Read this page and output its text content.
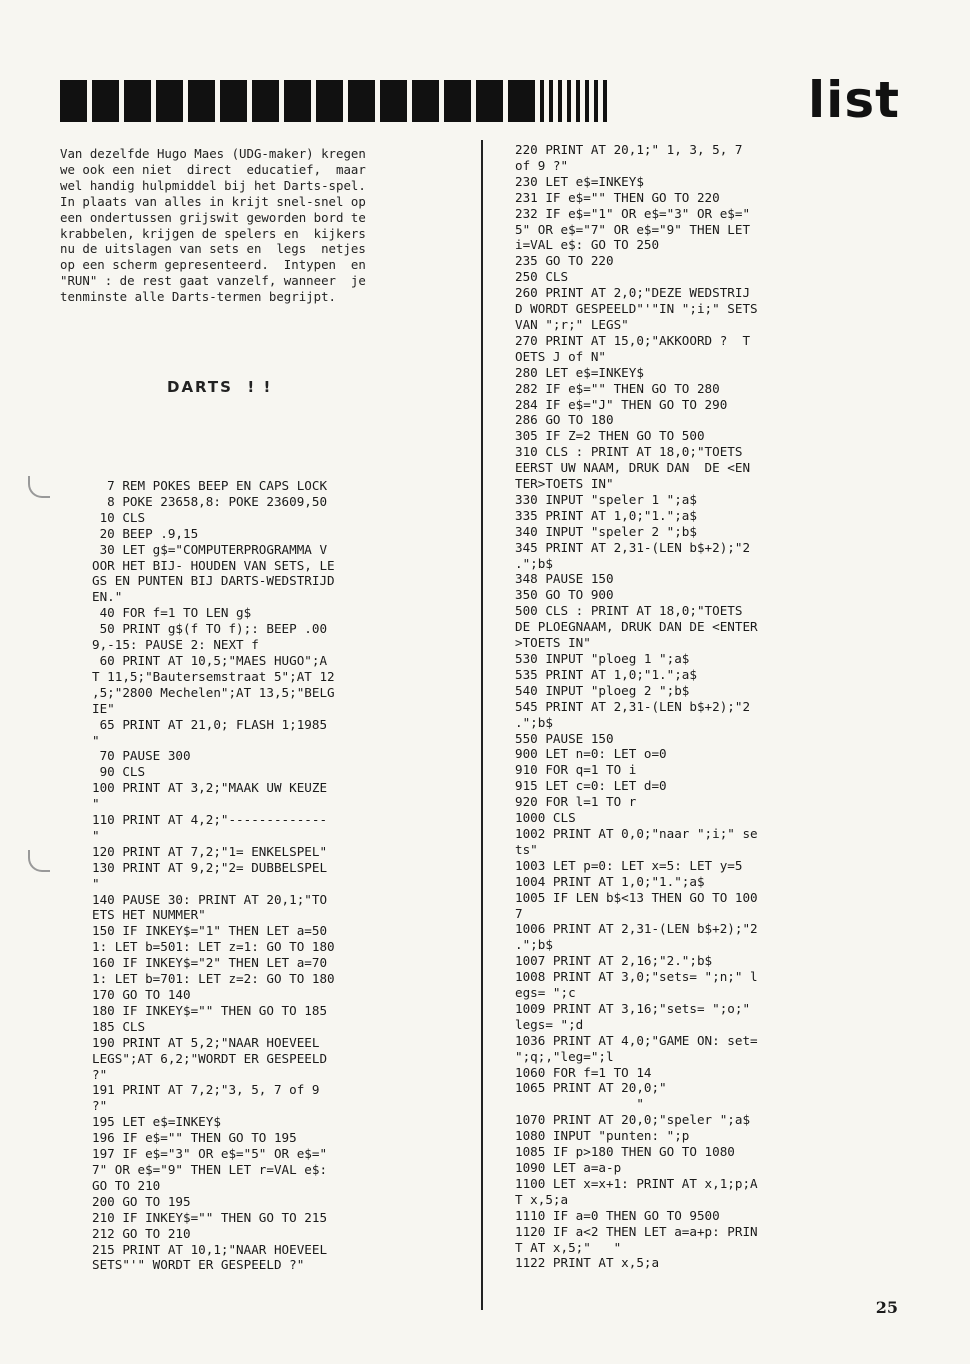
list
Van dezelfde Hugo Maes (UDG-maker) kregen
we ook een niet  direct  educatief,  maar
wel handig hulpmiddel bij het Darts-spel.
In plaats van alles in krijt snel-snel op
een ondertussen grijswit geworden bord te
krabbelen, krijgen de spelers en  kijkers
nu de uitslagen van sets en  legs  netjes
op een scherm gepresenteerd.  Intypen  en
"RUN" : de rest gaat vanzelf, wanneer  je
tenminste alle Darts-termen begrijpt.
DARTS  ! !
7 REM POKES BEEP EN CAPS LOCK
8 POKE 23658,8: POKE 23609,50
10 CLS
20 BEEP .9,15
30 LET g$="COMPUTERPROGRAMMA V
OOR HET BIJ- HOUDEN VAN SETS, LE
GS EN PUNTEN BIJ DARTS-WEDSTRIJD
EN."
40 FOR f=1 TO LEN g$
50 PRINT g$(f TO f);: BEEP .00
9,-15: PAUSE 2: NEXT f
60 PRINT AT 10,5;"MAES HUGO";A
T 11,5;"Bautersemstraat 5";AT 12
,5;"2800 Mechelen";AT 13,5;"BELG
IE"
65 PRINT AT 21,0; FLASH 1;1985
"
70 PAUSE 300
90 CLS
100 PRINT AT 3,2;"MAAK UW KEUZE
"
110 PRINT AT 4,2;"-------------
"
120 PRINT AT 7,2;"1= ENKELSPEL"
130 PRINT AT 9,2;"2= DUBBELSPEL
"
140 PAUSE 30: PRINT AT 20,1;"TO
ETS HET NUMMER"
150 IF INKEY$="1" THEN LET a=50
1: LET b=501: LET z=1: GO TO 180
160 IF INKEY$="2" THEN LET a=70
1: LET b=701: LET z=2: GO TO 180
170 GO TO 140
180 IF INKEY$="" THEN GO TO 185
185 CLS
190 PRINT AT 5,2;"NAAR HOEVEEL
LEGS";AT 6,2;"WORDT ER GESPEELD
?"
191 PRINT AT 7,2;"3, 5, 7 of 9
?"
195 LET e$=INKEY$
196 IF e$="" THEN GO TO 195
197 IF e$="3" OR e$="5" OR e$="
7" OR e$="9" THEN LET r=VAL e$:
GO TO 210
200 GO TO 195
210 IF INKEY$="" THEN GO TO 215
212 GO TO 210
215 PRINT AT 10,1;"NAAR HOEVEEL
SETS"'" WORDT ER GESPEELD ?"
220 PRINT AT 20,1;" 1, 3, 5, 7
of 9 ?"
230 LET e$=INKEY$
231 IF e$="" THEN GO TO 220
232 IF e$="1" OR e$="3" OR e$="
5" OR e$="7" OR e$="9" THEN LET
i=VAL e$: GO TO 250
235 GO TO 220
250 CLS
260 PRINT AT 2,0;"DEZE WEDSTRIJ
D WORDT GESPEELD"'"IN ";i;" SETS
VAN ";r;" LEGS"
270 PRINT AT 15,0;"AKKOORD ?  T
OETS J of N"
280 LET e$=INKEY$
282 IF e$="" THEN GO TO 280
284 IF e$="J" THEN GO TO 290
286 GO TO 180
305 IF Z=2 THEN GO TO 500
310 CLS : PRINT AT 18,0;"TOETS
EERST UW NAAM, DRUK DAN  DE <EN
TER>TOETS IN"
330 INPUT "speler 1 ";a$
335 PRINT AT 1,0;"1.";a$
340 INPUT "speler 2 ";b$
345 PRINT AT 2,31-(LEN b$+2);"2
.";b$
348 PAUSE 150
350 GO TO 900
500 CLS : PRINT AT 18,0;"TOETS
DE PLOEGNAAM, DRUK DAN DE <ENTER
>TOETS IN"
530 INPUT "ploeg 1 ";a$
535 PRINT AT 1,0;"1.";a$
540 INPUT "ploeg 2 ";b$
545 PRINT AT 2,31-(LEN b$+2);"2
.";b$
550 PAUSE 150
900 LET n=0: LET o=0
910 FOR q=1 TO i
915 LET c=0: LET d=0
920 FOR l=1 TO r
1000 CLS
1002 PRINT AT 0,0;"naar ";i;" se
ts"
1003 LET p=0: LET x=5: LET y=5
1004 PRINT AT 1,0;"1.";a$
1005 IF LEN b$<13 THEN GO TO 100
7
1006 PRINT AT 2,31-(LEN b$+2);"2
.";b$
1007 PRINT AT 2,16;"2.";b$
1008 PRINT AT 3,0;"sets= ";n;" l
egs= ";c
1009 PRINT AT 3,16;"sets= ";o;"
legs= ";d
1036 PRINT AT 4,0;"GAME ON: set=
";q;,"leg=";l
1060 FOR f=1 TO 14
1065 PRINT AT 20,0;"
"
1070 PRINT AT 20,0;"speler ";a$
1080 INPUT "punten: ";p
1085 IF p>180 THEN GO TO 1080
1090 LET a=a-p
1100 LET x=x+1: PRINT AT x,1;p;A
T x,5;a
1110 IF a=0 THEN GO TO 9500
1120 IF a<2 THEN LET a=a+p: PRIN
T AT x,5;"   "
1122 PRINT AT x,5;a
25
